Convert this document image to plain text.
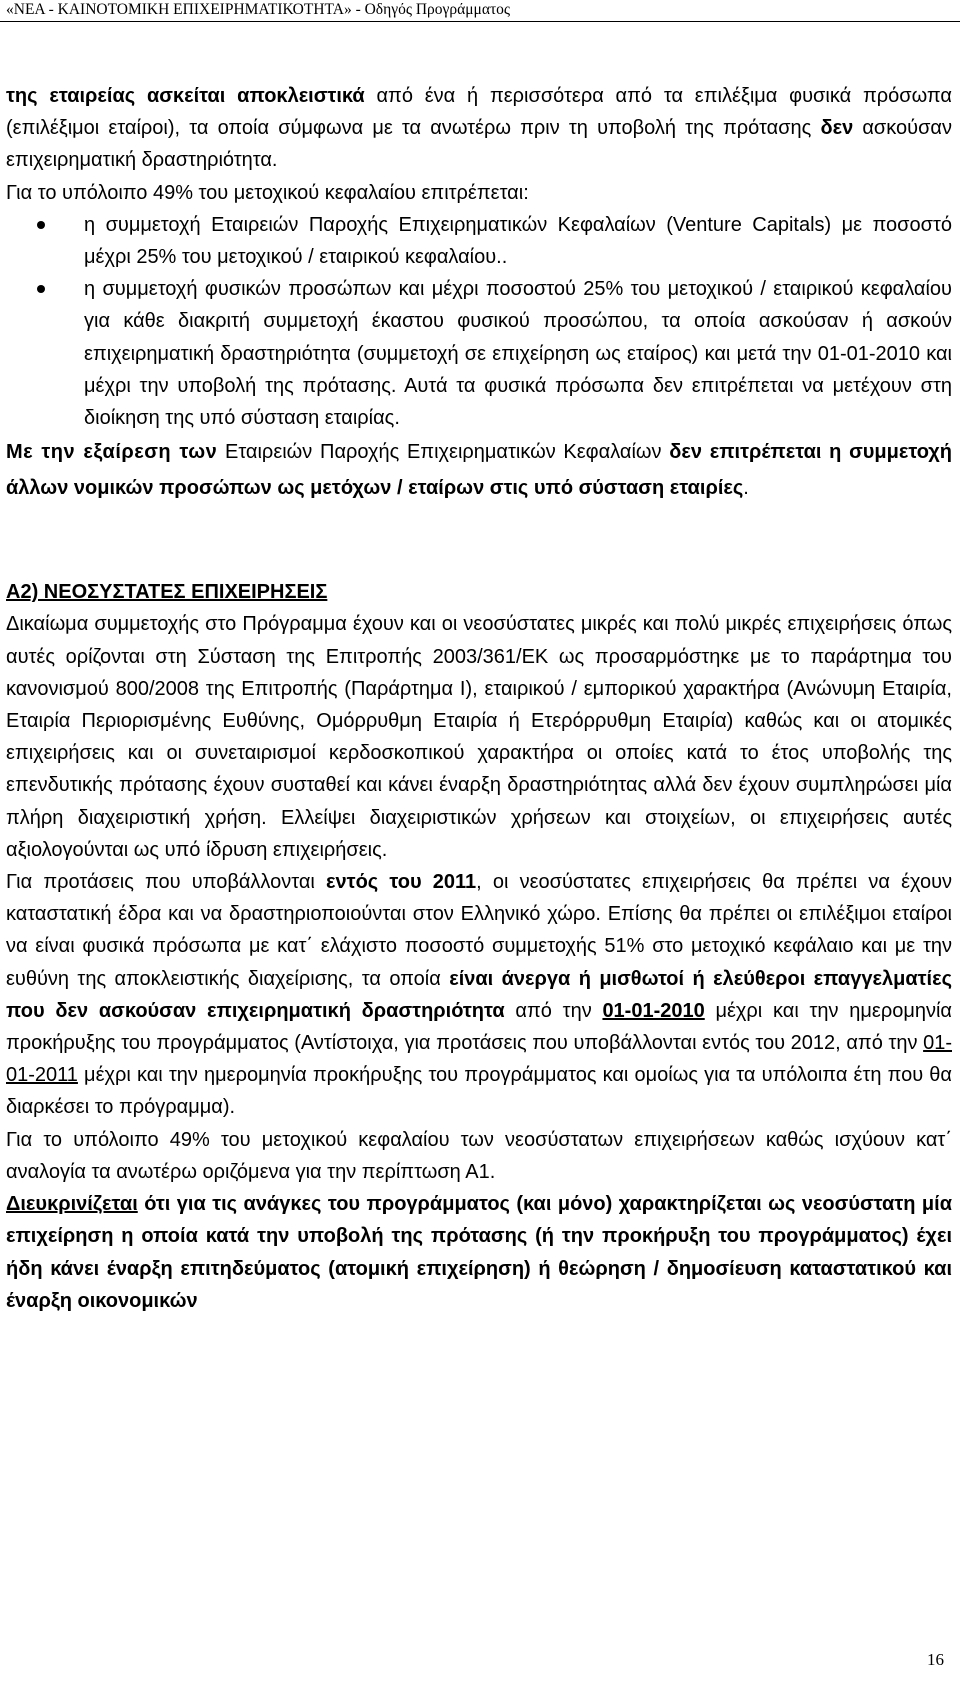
«ΝΕΑ - ΚΑΙΝΟΤΟΜΙΚΗ ΕΠΙΧΕΙΡΗΜΑΤΙΚΟΤΗΤΑ» - Οδηγός Προγράμματος

της εταιρείας ασκείται αποκλειστικά από ένα ή περισσότερα από τα επιλέξιμα φυσικά πρόσωπα (επιλέξιμοι εταίροι), τα οποία σύμφωνα με τα ανωτέρω πριν τη υποβολή της πρότασης δεν ασκούσαν επιχειρηματική δραστηριότητα.

Για το υπόλοιπο 49% του μετοχικού κεφαλαίου επιτρέπεται:

η συμμετοχή Εταιρειών Παροχής Επιχειρηματικών Κεφαλαίων (Venture Capitals) με ποσοστό μέχρι 25% του μετοχικού / εταιρικού κεφαλαίου..
η συμμετοχή φυσικών προσώπων και μέχρι ποσοστού 25% του μετοχικού / εταιρικού κεφαλαίου για κάθε διακριτή συμμετοχή έκαστου φυσικού προσώπου, τα οποία ασκούσαν ή ασκούν επιχειρηματική δραστηριότητα (συμμετοχή σε επιχείρηση ως εταίρος) και μετά την 01-01-2010 και μέχρι την υποβολή της πρότασης. Αυτά τα φυσικά πρόσωπα δεν επιτρέπεται να μετέχουν στη διοίκηση της υπό σύσταση εταιρίας.

Με την εξαίρεση των Εταιρειών Παροχής Επιχειρηματικών Κεφαλαίων δεν επιτρέπεται η συμμετοχή άλλων νομικών προσώπων ως μετόχων / εταίρων στις υπό σύσταση εταιρίες.

Α2) ΝΕΟΣΥΣΤΑΤΕΣ ΕΠΙΧΕΙΡΗΣΕΙΣ

Δικαίωμα συμμετοχής στο Πρόγραμμα έχουν και οι νεοσύστατες μικρές και πολύ μικρές επιχειρήσεις όπως αυτές ορίζονται στη Σύσταση της Επιτροπής 2003/361/ΕΚ ως προσαρμόστηκε με το παράρτημα του κανονισμού 800/2008 της Επιτροπής (Παράρτημα Ι), εταιρικού / εμπορικού χαρακτήρα (Ανώνυμη Εταιρία, Εταιρία Περιορισμένης Ευθύνης, Ομόρρυθμη Εταιρία ή Ετερόρρυθμη Εταιρία) καθώς και οι ατομικές επιχειρήσεις και οι συνεταιρισμοί κερδοσκοπικού χαρακτήρα οι οποίες κατά το έτος υποβολής της επενδυτικής πρότασης έχουν συσταθεί και κάνει έναρξη δραστηριότητας αλλά δεν έχουν συμπληρώσει μία πλήρη διαχειριστική χρήση. Ελλείψει διαχειριστικών χρήσεων και στοιχείων, οι επιχειρήσεις αυτές αξιολογούνται ως υπό ίδρυση επιχειρήσεις.

Για προτάσεις που υποβάλλονται εντός του 2011, οι νεοσύστατες επιχειρήσεις θα πρέπει να έχουν καταστατική έδρα και να δραστηριοποιούνται στον Ελληνικό χώρο. Επίσης θα πρέπει οι επιλέξιμοι εταίροι να είναι φυσικά πρόσωπα με κατ΄ ελάχιστο ποσοστό συμμετοχής 51% στο μετοχικό κεφάλαιο και με την ευθύνη της αποκλειστικής διαχείρισης, τα οποία είναι άνεργα ή μισθωτοί ή ελεύθεροι επαγγελματίες που δεν ασκούσαν επιχειρηματική δραστηριότητα από την 01-01-2010 μέχρι και την ημερομηνία προκήρυξης του προγράμματος (Αντίστοιχα, για προτάσεις που υποβάλλονται εντός του 2012, από την 01-01-2011 μέχρι και την ημερομηνία προκήρυξης του προγράμματος και ομοίως για τα υπόλοιπα έτη που θα διαρκέσει το πρόγραμμα).

Για το υπόλοιπο 49% του μετοχικού κεφαλαίου των νεοσύστατων επιχειρήσεων καθώς ισχύουν κατ΄ αναλογία τα ανωτέρω οριζόμενα για την περίπτωση Α1.

Διευκρινίζεται ότι για τις ανάγκες του προγράμματος (και μόνο) χαρακτηρίζεται ως νεοσύστατη μία επιχείρηση η οποία κατά την υποβολή της πρότασης (ή την προκήρυξη του προγράμματος) έχει ήδη κάνει έναρξη επιτηδεύματος (ατομική επιχείρηση) ή θεώρηση / δημοσίευση καταστατικού και έναρξη οικονομικών

16
